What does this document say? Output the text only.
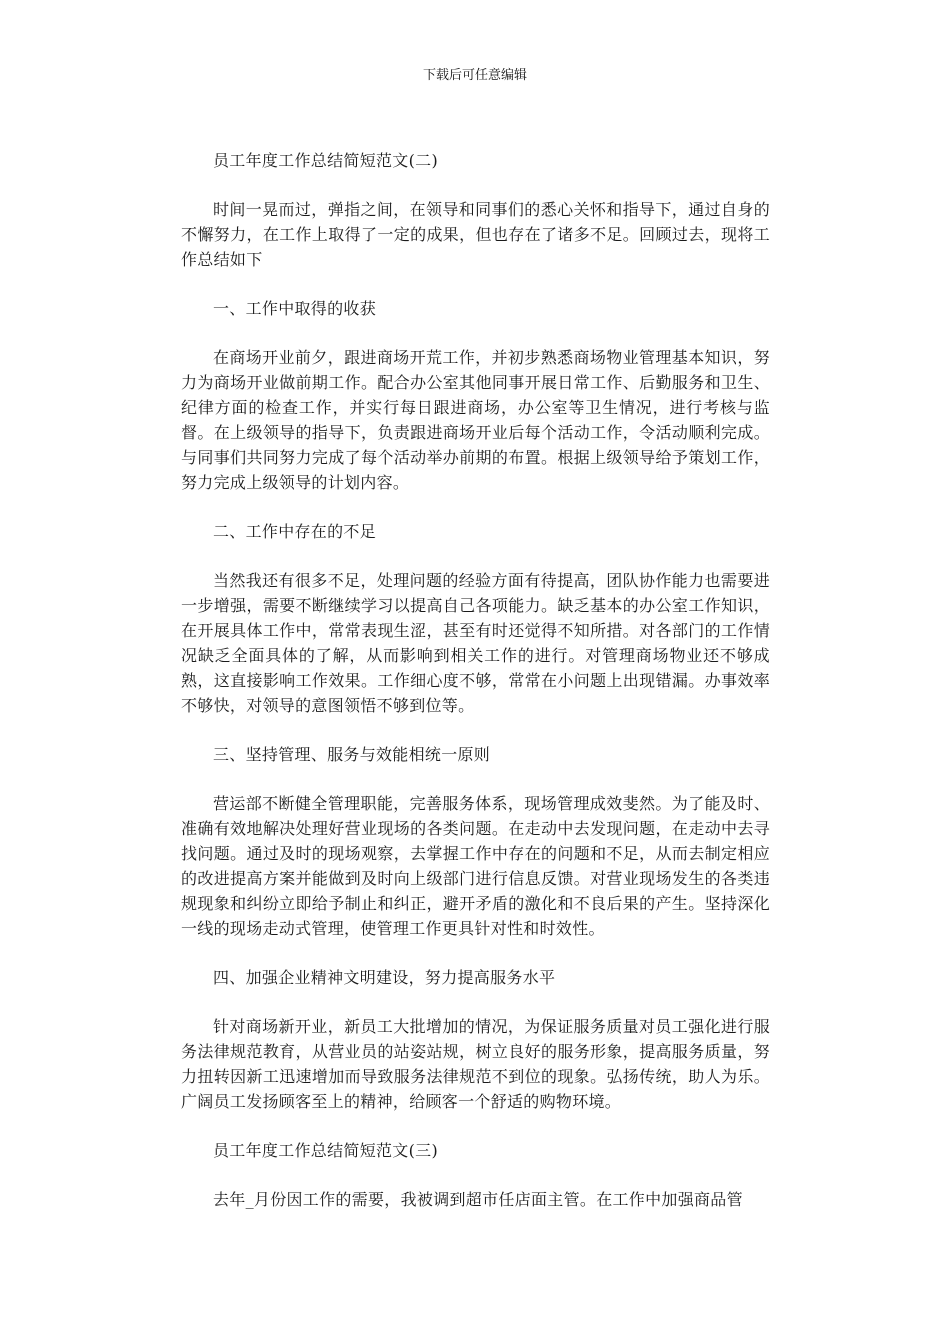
下载后可任意编辑

员工年度工作总结简短范文(二)

时间一晃而过，弹指之间，在领导和同事们的悉心关怀和指导下，通过自身的不懈努力，在工作上取得了一定的成果，但也存在了诸多不足。回顾过去，现将工作总结如下

一、工作中取得的收获

在商场开业前夕，跟进商场开荒工作，并初步熟悉商场物业管理基本知识，努力为商场开业做前期工作。配合办公室其他同事开展日常工作、后勤服务和卫生、纪律方面的检查工作，并实行每日跟进商场，办公室等卫生情况，进行考核与监督。在上级领导的指导下，负责跟进商场开业后每个活动工作，令活动顺利完成。与同事们共同努力完成了每个活动举办前期的布置。根据上级领导给予策划工作，努力完成上级领导的计划内容。

二、工作中存在的不足

当然我还有很多不足，处理问题的经验方面有待提高，团队协作能力也需要进一步增强，需要不断继续学习以提高自己各项能力。缺乏基本的办公室工作知识，在开展具体工作中，常常表现生涩，甚至有时还觉得不知所措。对各部门的工作情况缺乏全面具体的了解，从而影响到相关工作的进行。对管理商场物业还不够成熟，这直接影响工作效果。工作细心度不够，常常在小问题上出现错漏。办事效率不够快，对领导的意图领悟不够到位等。

三、坚持管理、服务与效能相统一原则

营运部不断健全管理职能，完善服务体系，现场管理成效斐然。为了能及时、准确有效地解决处理好营业现场的各类问题。在走动中去发现问题，在走动中去寻找问题。通过及时的现场观察，去掌握工作中存在的问题和不足，从而去制定相应的改进提高方案并能做到及时向上级部门进行信息反馈。对营业现场发生的各类违规现象和纠纷立即给予制止和纠正，避开矛盾的激化和不良后果的产生。坚持深化一线的现场走动式管理，使管理工作更具针对性和时效性。

四、加强企业精神文明建设，努力提高服务水平

针对商场新开业，新员工大批增加的情况，为保证服务质量对员工强化进行服务法律规范教育，从营业员的站姿站规，树立良好的服务形象，提高服务质量，努力扭转因新工迅速增加而导致服务法律规范不到位的现象。弘扬传统，助人为乐。广阔员工发扬顾客至上的精神，给顾客一个舒适的购物环境。

员工年度工作总结简短范文(三)

去年_月份因工作的需要，我被调到超市任店面主管。在工作中加强商品管
